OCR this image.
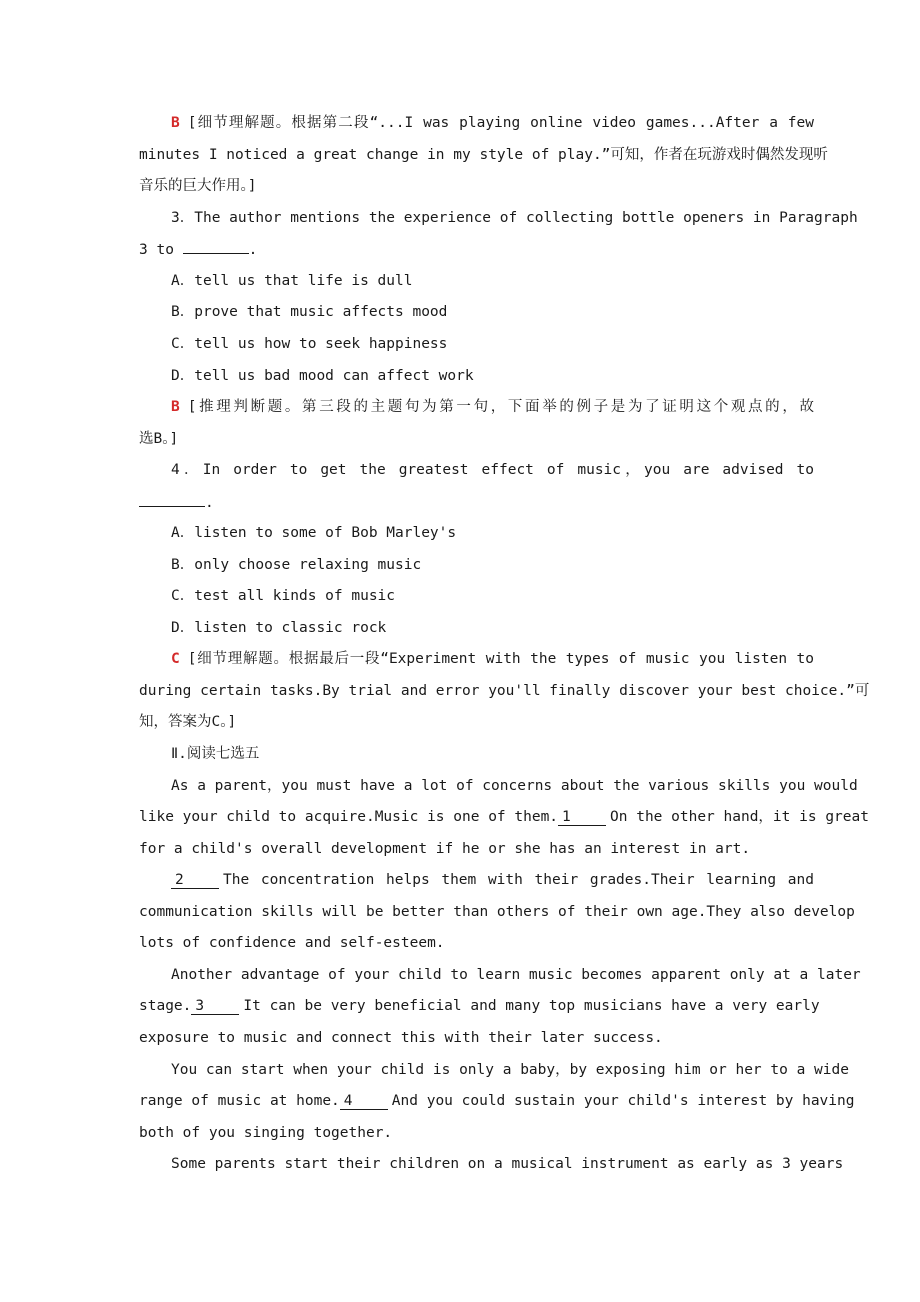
B [细节理解题。根据第二段“...I was playing online video games...After a few
minutes I noticed a great change in my style of play.”可知，作者在玩游戏时偶然发现听
音乐的巨大作用。]
3．The author mentions the experience of collecting bottle openers in Paragraph
3 to	.
A．tell us that life is dull
B．prove that music affects mood
C．tell us how to seek happiness
D．tell us bad mood can affect work
B [推理判断题。第三段的主题句为第一句，下面举的例子是为了证明这个观点的，故
选B。]
4．In order to get the greatest effect of music，you are advised to
.
A．listen to some of Bob Marley's
B．only choose relaxing music
C．test all kinds of music
D．listen to classic rock
C [细节理解题。根据最后一段“Experiment with the types of music you listen to
during certain tasks.By trial and error you'll finally discover your best choice.”可
知，答案为C。]
Ⅱ.阅读七选五
As a parent，you must have a lot of concerns about the various skills you would
like your child to acquire.Music is one of them. 1	On the other hand，it is great
for a child's overall development if he or she has an interest in art.
2	The concentration helps them with their grades.Their learning and
communication skills will be better than others of their own age.They also develop
lots of confidence and self-esteem.
Another advantage of your child to learn music becomes apparent only at a later
stage. 3	It can be very beneficial and many top musicians have a very early
exposure to music and connect this with their later success.
You can start when your child is only a baby，by exposing him or her to a wide
range of music at home. 4	And you could sustain your child's interest by having
both of you singing together.
Some parents start their children on a musical instrument as early as 3 years
